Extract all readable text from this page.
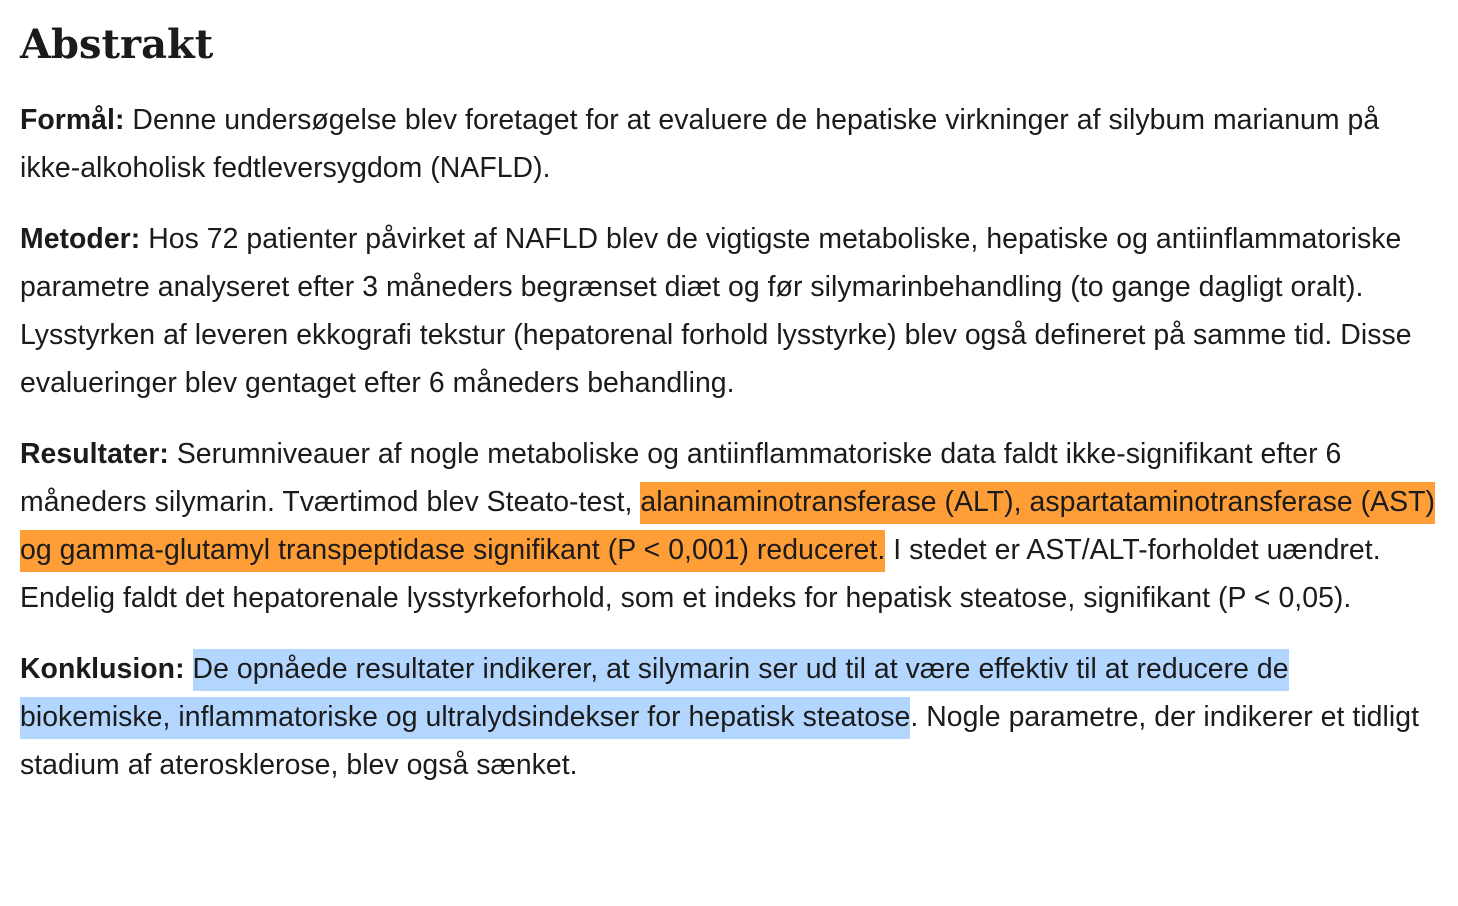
Abstrakt

Formål: Denne undersøgelse blev foretaget for at evaluere de hepatiske virkninger af silybum marianum på ikke-alkoholisk fedtleversygdom (NAFLD).

Metoder: Hos 72 patienter påvirket af NAFLD blev de vigtigste metaboliske, hepatiske og antiinflammatoriske parametre analyseret efter 3 måneders begrænset diæt og før silymarinbehandling (to gange dagligt oralt). Lysstyrken af leveren ekkografi tekstur (hepatorenal forhold lysstyrke) blev også defineret på samme tid. Disse evalueringer blev gentaget efter 6 måneders behandling.

Resultater: Serumniveauer af nogle metaboliske og antiinflammatoriske data faldt ikke-signifikant efter 6 måneders silymarin. Tværtimod blev Steato-test, alaninaminotransferase (ALT), aspartataminotransferase (AST) og gamma-glutamyl transpeptidase signifikant (P < 0,001) reduceret. I stedet er AST/ALT-forholdet uændret. Endelig faldt det hepatorenale lysstyrkeforhold, som et indeks for hepatisk steatose, signifikant (P < 0,05).

Konklusion: De opnåede resultater indikerer, at silymarin ser ud til at være effektiv til at reducere de biokemiske, inflammatoriske og ultralydsindekser for hepatisk steatose. Nogle parametre, der indikerer et tidligt stadium af aterosklerose, blev også sænket.
